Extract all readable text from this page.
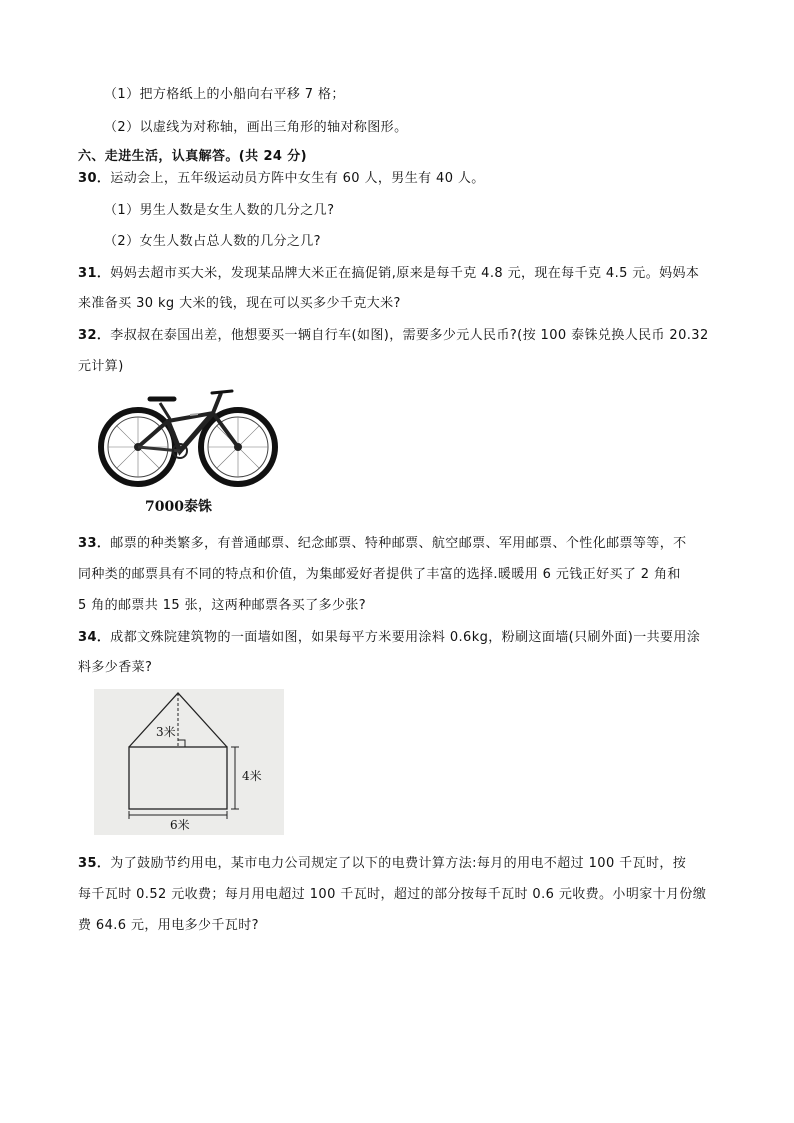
（1）把方格纸上的小船向右平移 7 格；
（2）以虚线为对称轴，画出三角形的轴对称图形。
六、走进生活，认真解答。(共 24 分)
30．运动会上，五年级运动员方阵中女生有 60 人，男生有 40 人。
（1）男生人数是女生人数的几分之几?
（2）女生人数占总人数的几分之几?
31．妈妈去超市买大米，发现某品牌大米正在搞促销,原来是每千克 4.8 元，现在每千克 4.5 元。妈妈本
来准备买 30 kg 大米的钱，现在可以买多少千克大米?
32．李叔叔在泰国出差，他想要买一辆自行车(如图)，需要多少元人民币?(按 100 泰铢兑换人民币 20.32
元计算)
7000泰铢
33．邮票的种类繁多，有普通邮票、纪念邮票、特种邮票、航空邮票、军用邮票、个性化邮票等等，不
同种类的邮票具有不同的特点和价值，为集邮爱好者提供了丰富的选择.暖暖用 6 元钱正好买了 2 角和
5 角的邮票共 15 张，这两种邮票各买了多少张?
34．成都文殊院建筑物的一面墙如图，如果每平方米要用涂料 0.6kg，粉刷这面墙(只刷外面)一共要用涂
料多少香菜?
3米
4米
6米
35．为了鼓励节约用电，某市电力公司规定了以下的电费计算方法:每月的用电不超过 100 千瓦时，按
每千瓦时 0.52 元收费；每月用电超过 100 千瓦时，超过的部分按每千瓦时 0.6 元收费。小明家十月份缴
费 64.6 元，用电多少千瓦时?
